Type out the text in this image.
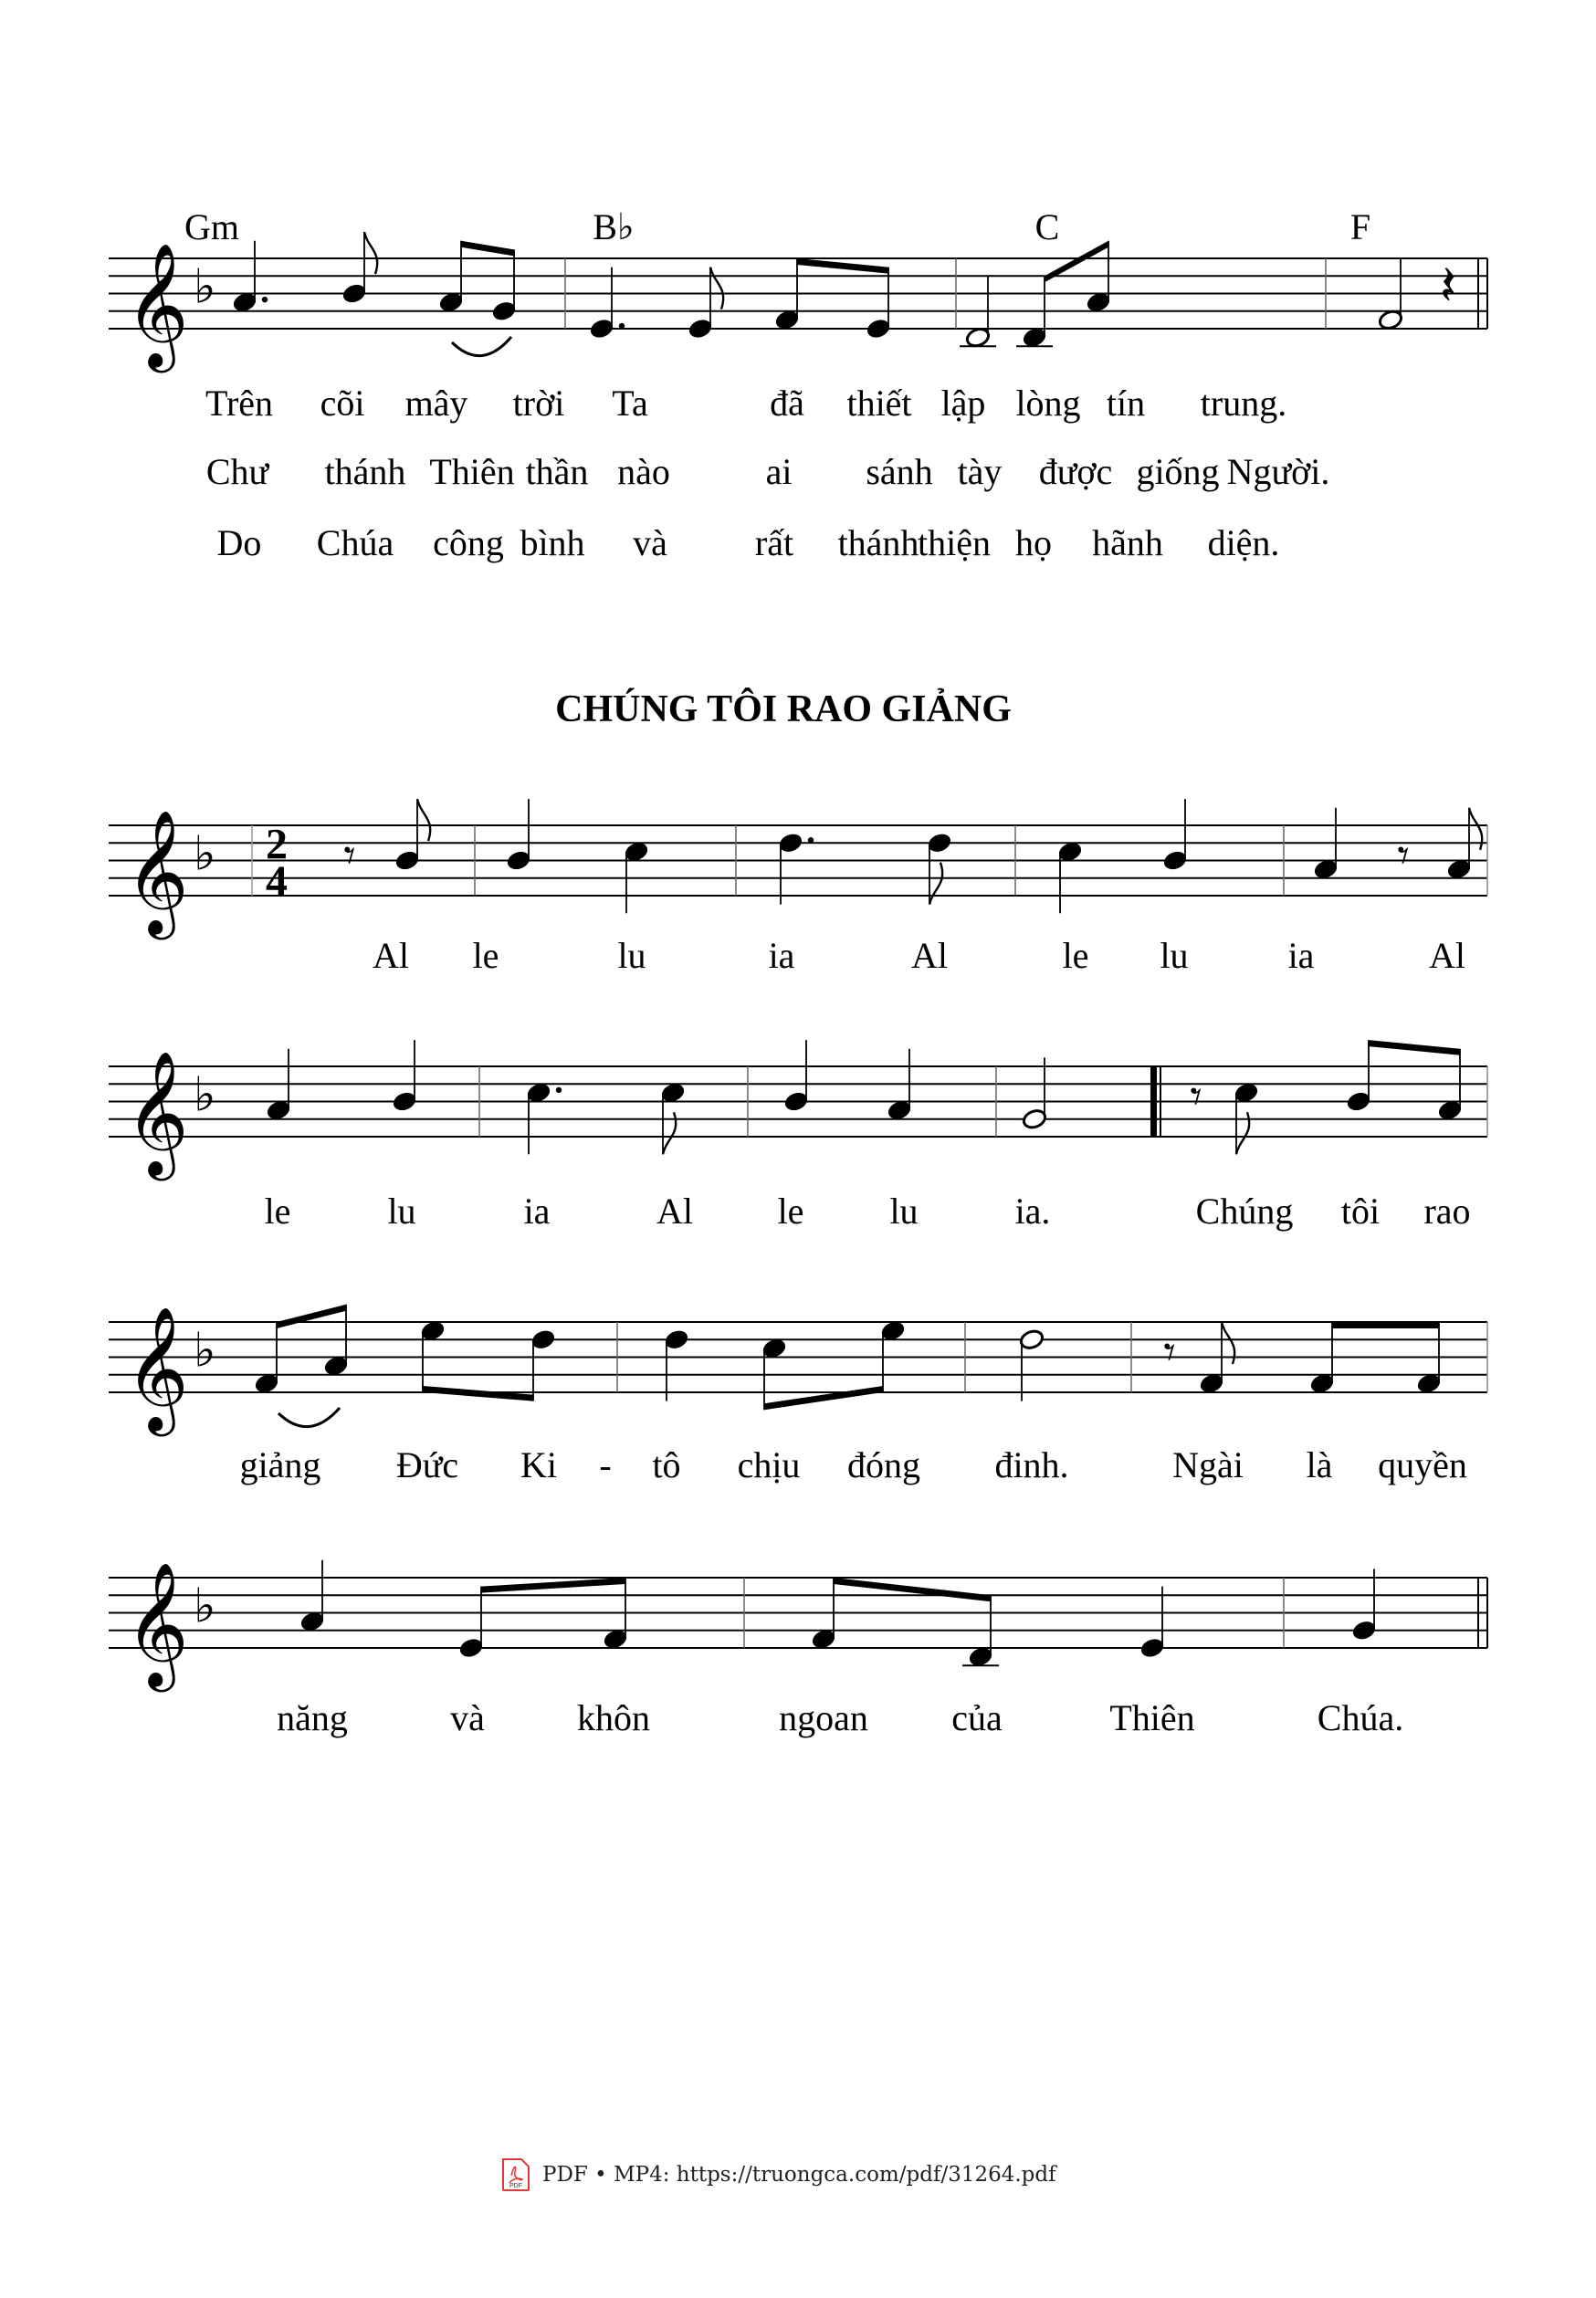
𝄞 ♭
Gm	B♭	C	F
𝄽
Trên cõi mây trời Ta	đã thiết lập lòng tín trung.
Chư thánh Thiên thần nào	ai sánh tày được giống Người.
Do Chúa công bình và rất thánh
thiện họ hãnh diện.
𝄞 ♭ 2
4 𝄾	𝄾
Al le	lu	ia	Al	le lu	ia	Al
𝄞 ♭	𝄾
le	lu	ia	Al le lu	ia.	Chúng tôi rao
𝄞 ♭	𝄾
giảng Đức Ki - tô chịu đóng đinh.	Ngài là quyền
𝄞 ♭
năng	và	khôn	ngoan của	Thiên	Chúa.
CHÚNG TÔI RAO GIẢNG
PDF PDF • MP4: https://truongca.com/pdf/31264.pdf
